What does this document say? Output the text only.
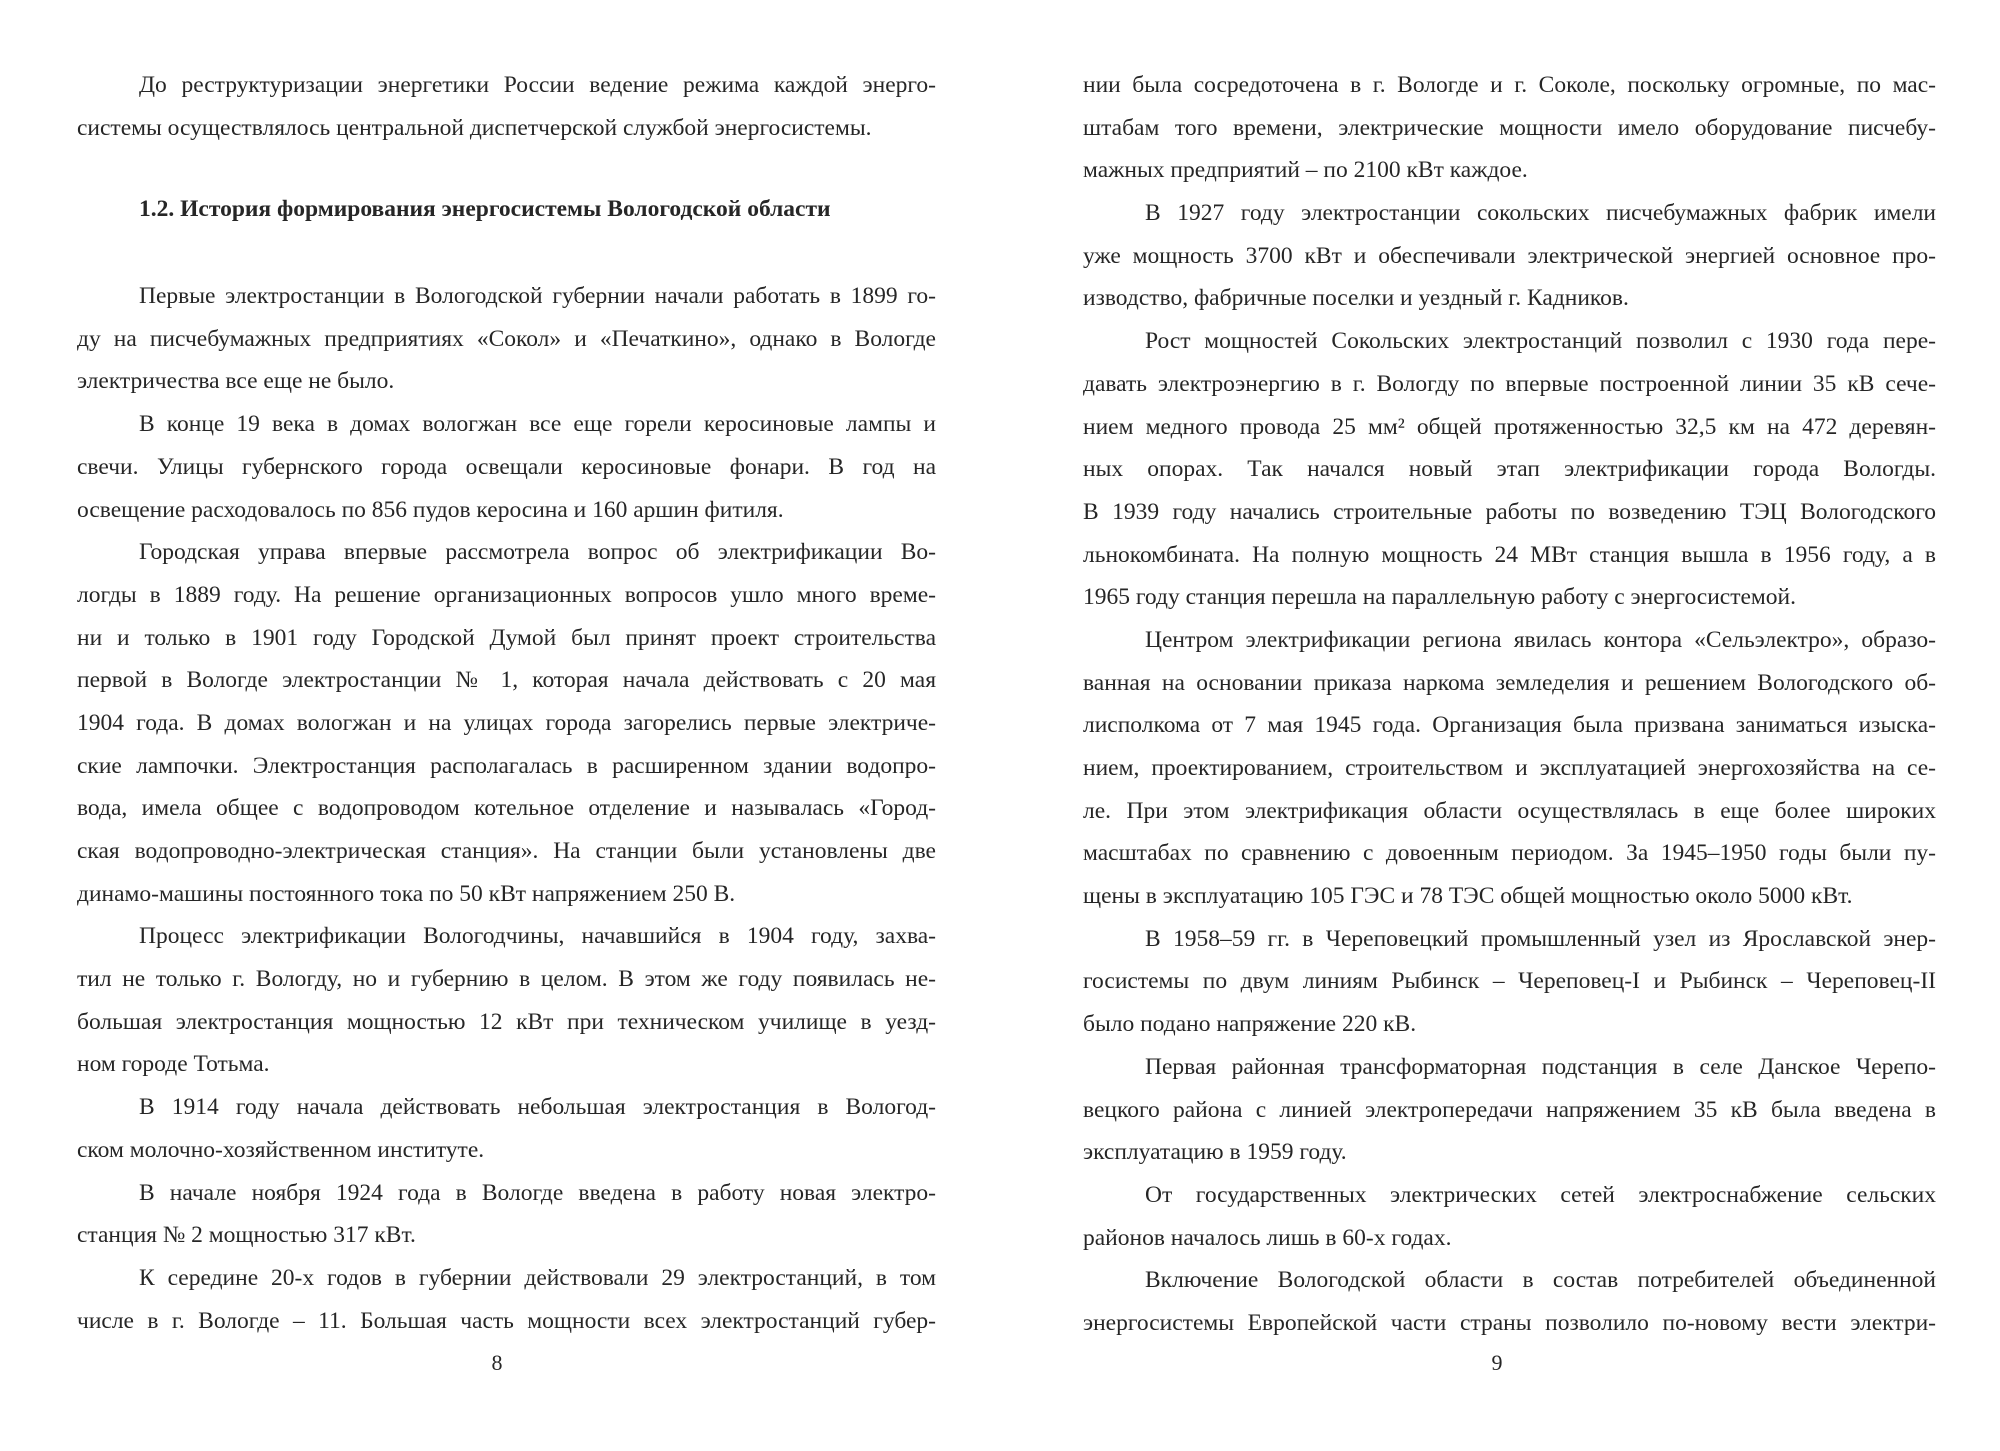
До реструктуризации энергетики России ведение режима каждой энерго-
системы осуществлялось центральной диспетчерской службой энергосистемы.
1.2. История формирования энергосистемы Вологодской области
Первые электростанции в Вологодской губернии начали работать в 1899 го-
ду на писчебумажных предприятиях «Сокол» и «Печаткино», однако в Вологде
электричества все еще не было.
В конце 19 века в домах вологжан все еще горели керосиновые лампы и
свечи. Улицы губернского города освещали керосиновые фонари. В год на
освещение расходовалось по 856 пудов керосина и 160 аршин фитиля.
Городская управа впервые рассмотрела вопрос об электрификации Во-
логды в 1889 году. На решение организационных вопросов ушло много време-
ни и только в 1901 году Городской Думой был принят проект строительства
первой в Вологде электростанции № 1, которая начала действовать с 20 мая
1904 года. В домах вологжан и на улицах города загорелись первые электриче-
ские лампочки. Электростанция располагалась в расширенном здании водопро-
вода, имела общее с водопроводом котельное отделение и называлась «Город-
ская водопроводно-электрическая станция». На станции были установлены две
динамо-машины постоянного тока по 50 кВт напряжением 250 В.
Процесс электрификации Вологодчины, начавшийся в 1904 году, захва-
тил не только г. Вологду, но и губернию в целом. В этом же году появилась не-
большая электростанция мощностью 12 кВт при техническом училище в уезд-
ном городе Тотьма.
В 1914 году начала действовать небольшая электростанция в Вологод-
ском молочно-хозяйственном институте.
В начале ноября 1924 года в Вологде введена в работу новая электро-
станция № 2 мощностью 317 кВт.
К середине 20-х годов в губернии действовали 29 электростанций, в том
числе в г. Вологде – 11. Большая часть мощности всех электростанций губер-
8
нии была сосредоточена в г. Вологде и г. Соколе, поскольку огромные, по мас-
штабам того времени, электрические мощности имело оборудование писчебу-
мажных предприятий – по 2100 кВт каждое.
В 1927 году электростанции сокольских писчебумажных фабрик имели
уже мощность 3700 кВт и обеспечивали электрической энергией основное про-
изводство, фабричные поселки и уездный г. Кадников.
Рост мощностей Сокольских электростанций позволил с 1930 года пере-
давать электроэнергию в г. Вологду по впервые построенной линии 35 кВ сече-
нием медного провода 25 мм² общей протяженностью 32,5 км на 472 деревян-
ных опорах. Так начался новый этап электрификации города Вологды.
В 1939 году начались строительные работы по возведению ТЭЦ Вологодского
льнокомбината. На полную мощность 24 МВт станция вышла в 1956 году, а в
1965 году станция перешла на параллельную работу с энергосистемой.
Центром электрификации региона явилась контора «Сельэлектро», образо-
ванная на основании приказа наркома земледелия и решением Вологодского об-
лисполкома от 7 мая 1945 года. Организация была призвана заниматься изыска-
нием, проектированием, строительством и эксплуатацией энергохозяйства на се-
ле. При этом электрификация области осуществлялась в еще более широких
масштабах по сравнению с довоенным периодом. За 1945–1950 годы были пу-
щены в эксплуатацию 105 ГЭС и 78 ТЭС общей мощностью около 5000 кВт.
В 1958–59 гг. в Череповецкий промышленный узел из Ярославской энер-
госистемы по двум линиям Рыбинск – Череповец-I и Рыбинск – Череповец-II
было подано напряжение 220 кВ.
Первая районная трансформаторная подстанция в селе Данское Черепо-
вецкого района с линией электропередачи напряжением 35 кВ была введена в
эксплуатацию в 1959 году.
От государственных электрических сетей электроснабжение сельских
районов началось лишь в 60-х годах.
Включение Вологодской области в состав потребителей объединенной
энергосистемы Европейской части страны позволило по-новому вести электри-
9
